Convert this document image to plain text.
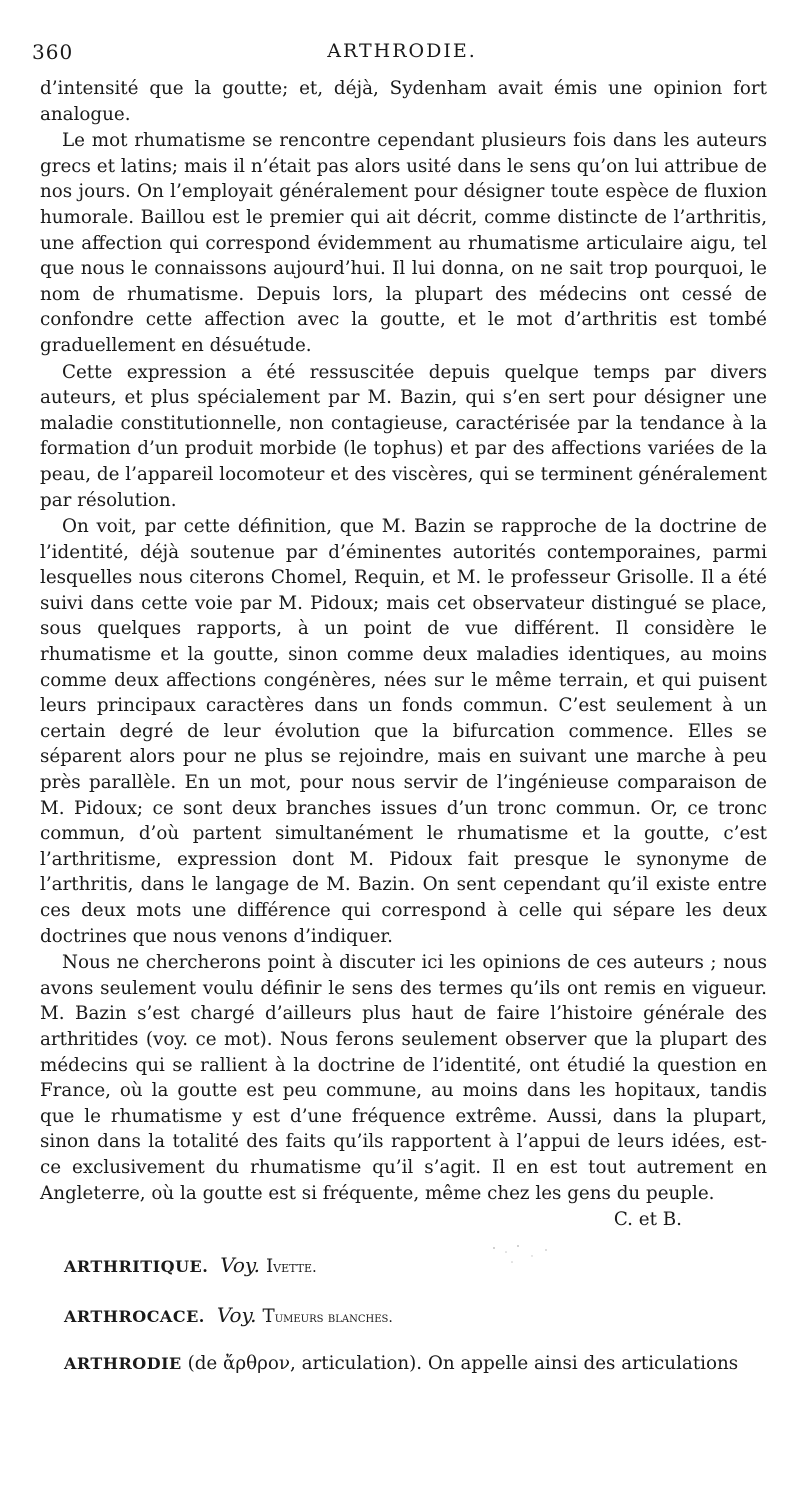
360	ARTHRODIE.

d’intensité que la goutte; et, déjà, Sydenham avait émis une opinion fort analogue.

Le mot rhumatisme se rencontre cependant plusieurs fois dans les auteurs grecs et latins; mais il n’était pas alors usité dans le sens qu’on lui attribue de nos jours. On l’employait généralement pour désigner toute espèce de fluxion humorale. Baillou est le premier qui ait décrit, comme distincte de l’arthritis, une affection qui correspond évidemment au rhumatisme articulaire aigu, tel que nous le connaissons aujourd’hui. Il lui donna, on ne sait trop pourquoi, le nom de rhumatisme. Depuis lors, la plupart des médecins ont cessé de confondre cette affection avec la goutte, et le mot d’arthritis est tombé graduellement en désuétude.

Cette expression a été ressuscitée depuis quelque temps par divers auteurs, et plus spécialement par M. Bazin, qui s’en sert pour désigner une maladie constitutionnelle, non contagieuse, caractérisée par la tendance à la formation d’un produit morbide (le tophus) et par des affections variées de la peau, de l’appareil locomoteur et des viscères, qui se terminent généralement par résolution.

On voit, par cette définition, que M. Bazin se rapproche de la doctrine de l’identité, déjà soutenue par d’éminentes autorités contemporaines, parmi lesquelles nous citerons Chomel, Requin, et M. le professeur Grisolle. Il a été suivi dans cette voie par M. Pidoux; mais cet observateur distingué se place, sous quelques rapports, à un point de vue différent. Il considère le rhumatisme et la goutte, sinon comme deux maladies identiques, au moins comme deux affections congénères, nées sur le même terrain, et qui puisent leurs principaux caractères dans un fonds commun. C’est seulement à un certain degré de leur évolution que la bifurcation commence. Elles se séparent alors pour ne plus se rejoindre, mais en suivant une marche à peu près parallèle. En un mot, pour nous servir de l’ingénieuse comparaison de M. Pidoux; ce sont deux branches issues d’un tronc commun. Or, ce tronc commun, d’où partent simultanément le rhumatisme et la goutte, c’est l’arthritisme, expression dont M. Pidoux fait presque le synonyme de l’arthritis, dans le langage de M. Bazin. On sent cependant qu’il existe entre ces deux mots une différence qui correspond à celle qui sépare les deux doctrines que nous venons d’indiquer.

Nous ne chercherons point à discuter ici les opinions de ces auteurs ; nous avons seulement voulu définir le sens des termes qu’ils ont remis en vigueur. M. Bazin s’est chargé d’ailleurs plus haut de faire l’histoire générale des arthritides (voy. ce mot). Nous ferons seulement observer que la plupart des médecins qui se rallient à la doctrine de l’identité, ont étudié la question en France, où la goutte est peu commune, au moins dans les hopitaux, tandis que le rhumatisme y est d’une fréquence extrême. Aussi, dans la plupart, sinon dans la totalité des faits qu’ils rapportent à l’appui de leurs idées, est-ce exclusivement du rhumatisme qu’il s’agit. Il en est tout autrement en Angleterre, où la goutte est si fréquente, même chez les gens du peuple.

C. et B.
ARTHRITIQUE. Voy. Ivette.
ARTHROCACE. Voy. Tumeurs blanches.
ARTHRODIE (de ἄρθρον, articulation). On appelle ainsi des articulations
